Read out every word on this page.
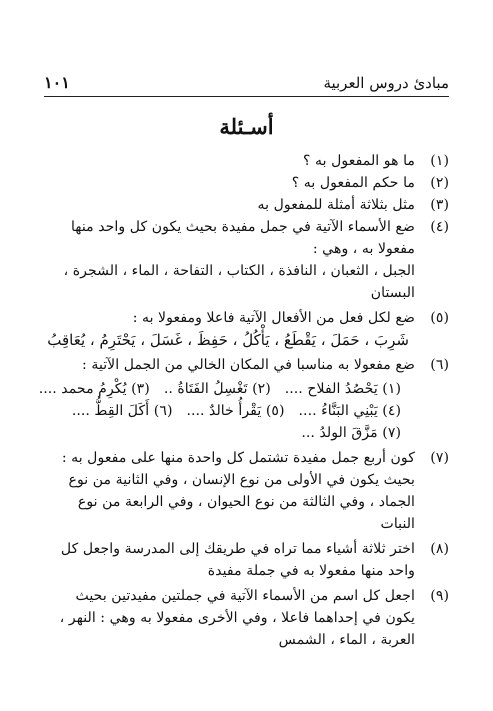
مبادئ دروس العربية
١٠١
أسـئلة
(١)
ما هو المفعول به ؟
(٢)
ما حكم المفعول به ؟
(٣)
مثل بثلاثة أمثلة للمفعول به
(٤)
ضع الأسماء الآتية في جمل مفيدة بحيث يكون كل واحد منها مفعولا به ، وهي :
الجبل ، الثعبان ، النافذة ، الكتاب ، التفاحة ، الماء ، الشجرة ، البستان
(٥)
ضع لكل فعل من الأفعال الآتية فاعلا ومفعولا به :
شَرِبَ ، حَمَلَ ، يَقْطَعُ ، يَأْكُلُ ، حَفِظَ ، غَسَلَ ، يَحْتَرِمُ ، يُعَاقِبُ
(٦)
ضع مفعولا به مناسبا في المكان الخالي من الجمل الآتية :
(١) يَحْصُدُ الفلاح ....
(٢) تَغْسِلُ الفَتَاةُ ..
(٣) يُكْرِمُ محمد ....
(٤) يَبْنِي البَنَّاءُ ....
(٥) يَقْرأُ خالدٌ ....
(٦) أَكَلَ القِطُّ ....
(٧) مَزَّقَ الولدُ ...
(٧)
كون أربع جمل مفيدة تشتمل كل واحدة منها على مفعول به : بحيث يكون في الأولى من نوع الإنسان ، وفي الثانية من نوع الجماد ، وفي الثالثة من نوع الحيوان ، وفي الرابعة من نوع النبات
(٨)
اختر ثلاثة أشياء مما تراه في طريقك إلى المدرسة واجعل كل واحد منها مفعولا به في جملة مفيدة
(٩)
اجعل كل اسم من الأسماء الآتية في جملتين مفيدتين بحيث يكون في إحداهما فاعلا ، وفي الأخرى مفعولا به وهي : النهر ، العربة ، الماء ، الشمس
